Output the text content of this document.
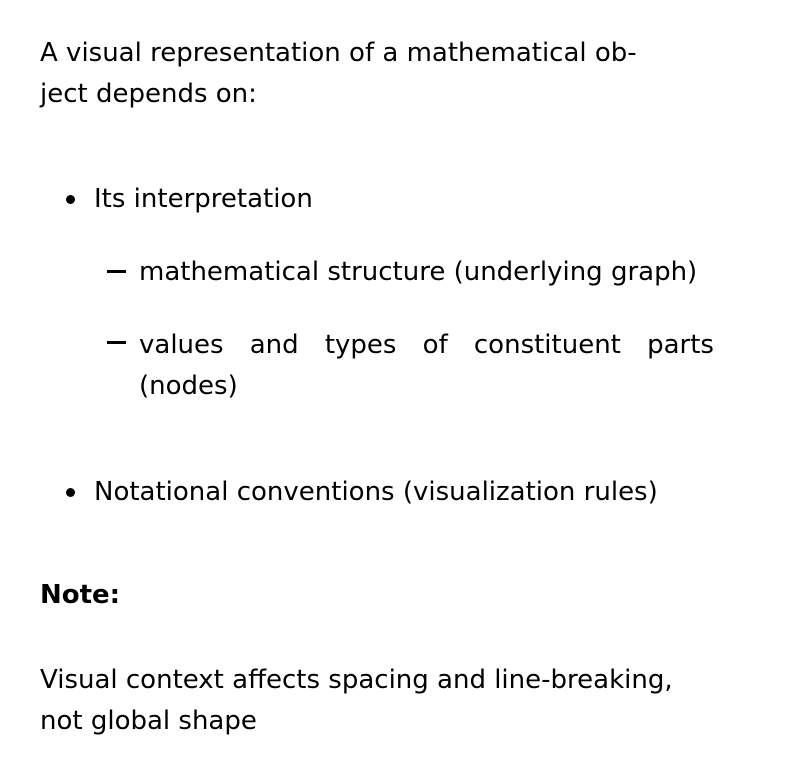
A visual representation of a mathematical ob-

ject depends on:

Its interpretation

mathematical structure (underlying graph)

values and types of constituent parts

(nodes)

Notational conventions (visualization rules)

Note:

Visual context affects spacing and line-breaking,

not global shape
